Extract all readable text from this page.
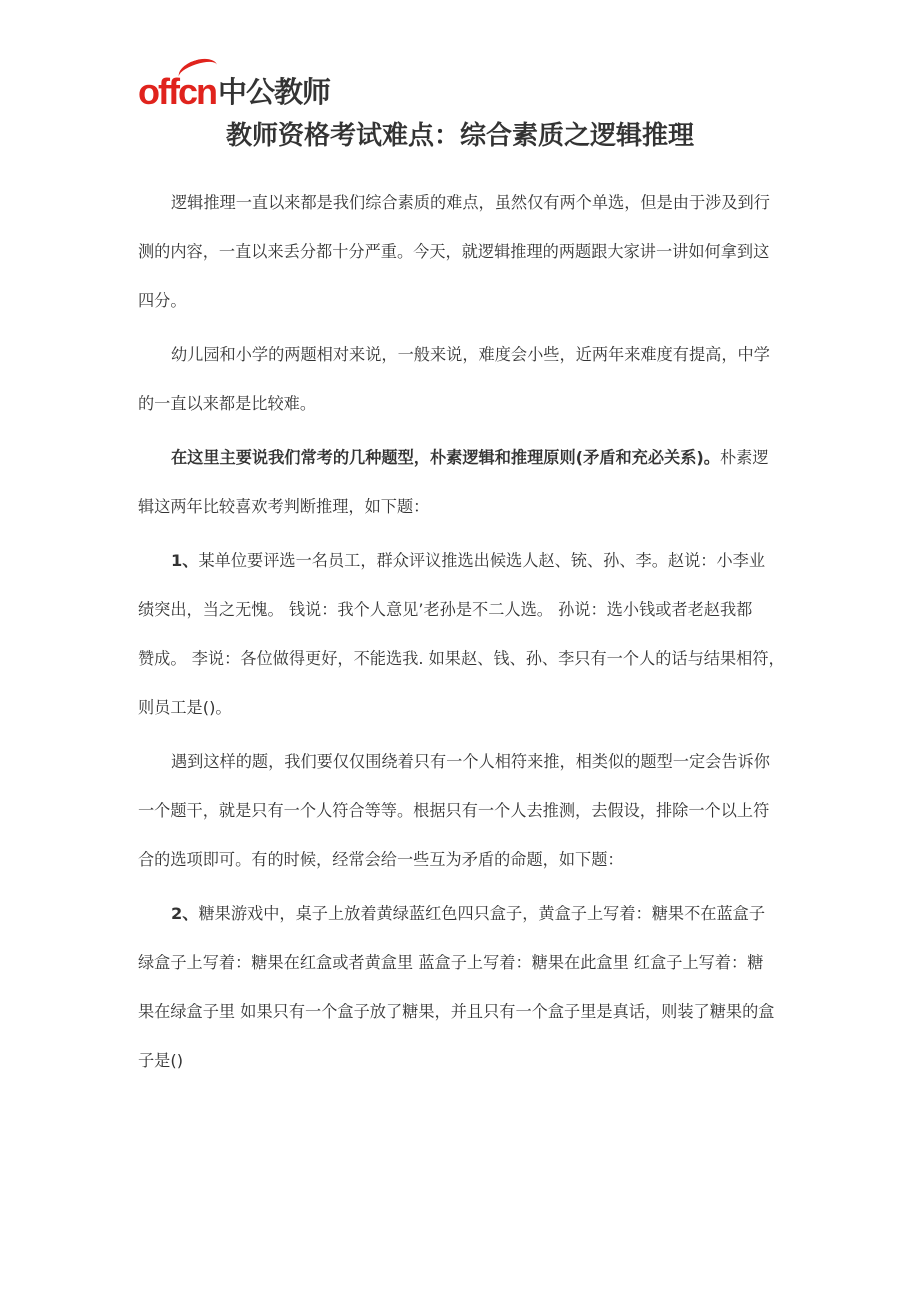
offcn 中公教师
教师资格考试难点：综合素质之逻辑推理
逻辑推理一直以来都是我们综合素质的难点，虽然仅有两个单选，但是由于涉及到行
测的内容，一直以来丢分都十分严重。今天，就逻辑推理的两题跟大家讲一讲如何拿到这
四分。
幼儿园和小学的两题相对来说，一般来说，难度会小些，近两年来难度有提高，中学
的一直以来都是比较难。
在这里主要说我们常考的几种题型，朴素逻辑和推理原则(矛盾和充必关系)。朴素逻
辑这两年比较喜欢考判断推理，如下题：
1、某单位要评选一名员工，群众评议推选出候选人赵、铳、孙、李。赵说：小李业
绩突出，当之无愧。 钱说：我个人意见’老孙是不二人选。 孙说：选小钱或者老赵我都
赞成。 李说：各位做得更好，不能选我. 如果赵、钱、孙、李只有一个人的话与结果相符，
则员工是()。
遇到这样的题，我们要仅仅围绕着只有一个人相符来推，相类似的题型一定会告诉你
一个题干，就是只有一个人符合等等。根据只有一个人去推测，去假设，排除一个以上符
合的选项即可。有的时候，经常会给一些互为矛盾的命题，如下题：
2、糖果游戏中，桌子上放着黄绿蓝红色四只盒子，黄盒子上写着：糖果不在蓝盒子
绿盒子上写着：糖果在红盒或者黄盒里 蓝盒子上写着：糖果在此盒里 红盒子上写着：糖
果在绿盒子里 如果只有一个盒子放了糖果，并且只有一个盒子里是真话，则装了糖果的盒
子是()
